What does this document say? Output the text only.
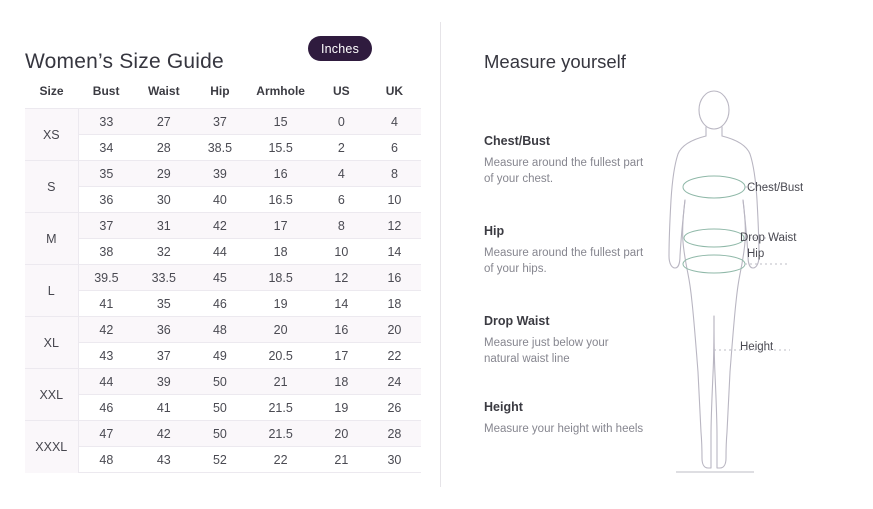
Women’s Size Guide
Inches
Size	Bust	Waist	Hip	Armhole	US	UK
XS	33	27	37	15	0	4
	34	28	38.5	15.5	2	6
S	35	29	39	16	4	8
	36	30	40	16.5	6	10
M	37	31	42	17	8	12
	38	32	44	18	10	14
L	39.5	33.5	45	18.5	12	16
	41	35	46	19	14	18
XL	42	36	48	20	16	20
	43	37	49	20.5	17	22
XXL	44	39	50	21	18	24
	46	41	50	21.5	19	26
XXXL	47	42	50	21.5	20	28
	48	43	52	22	21	30
Measure yourself

Chest/Bust

Measure around the fullest part of your chest.

Hip

Measure around the fullest part of your hips.

Drop Waist

Measure just below your natural waist line

Height

Measure your height with heels

Chest/Bust
Drop Waist
Hip
Height
